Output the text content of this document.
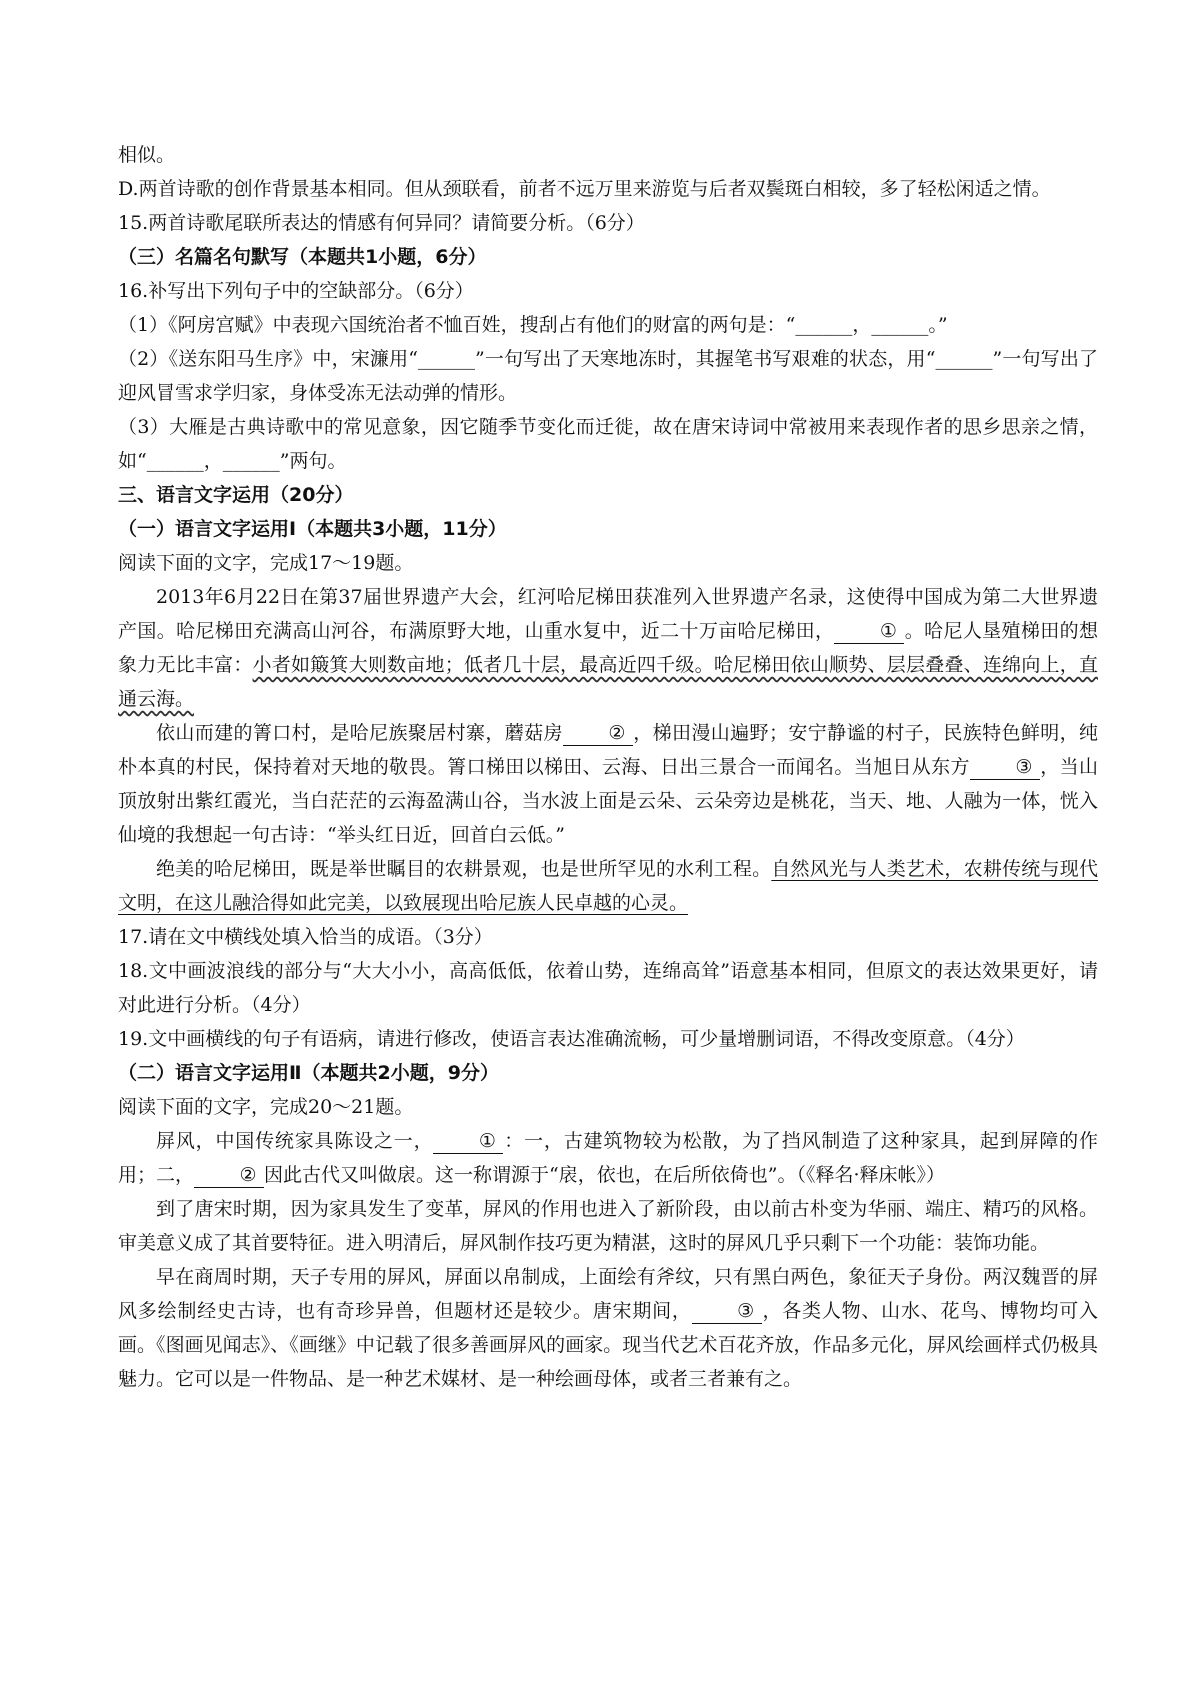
相似。

D.两首诗歌的创作背景基本相同。但从颈联看，前者不远万里来游览与后者双鬓斑白相较，多了轻松闲适之情。

15.两首诗歌尾联所表达的情感有何异同？请简要分析。（6分）

（三）名篇名句默写（本题共1小题，6分）

16.补写出下列句子中的空缺部分。（6分）

（1）《阿房宫赋》中表现六国统治者不恤百姓，搜刮占有他们的财富的两句是：“______，______。”

（2）《送东阳马生序》中，宋濂用“______”一句写出了天寒地冻时，其握笔书写艰难的状态，用“______”一句写出了迎风冒雪求学归家，身体受冻无法动弹的情形。

（3）大雁是古典诗歌中的常见意象，因它随季节变化而迁徙，故在唐宋诗词中常被用来表现作者的思乡思亲之情，如“______，______”两句。

三、语言文字运用（20分）

（一）语言文字运用Ⅰ（本题共3小题，11分）

阅读下面的文字，完成17～19题。

2013年6月22日在第37届世界遗产大会，红河哈尼梯田获准列入世界遗产名录，这使得中国成为第二大世界遗产国。哈尼梯田充满高山河谷，布满原野大地，山重水复中，近二十万亩哈尼梯田， ① 。哈尼人垦殖梯田的想象力无比丰富：小者如簸箕大则数亩地；低者几十层，最高近四千级。哈尼梯田依山顺势、层层叠叠、连绵向上，直通云海。

依山而建的箐口村，是哈尼族聚居村寨，蘑菇房 ② ，梯田漫山遍野；安宁静谧的村子，民族特色鲜明，纯朴本真的村民，保持着对天地的敬畏。箐口梯田以梯田、云海、日出三景合一而闻名。当旭日从东方 ③ ，当山顶放射出紫红霞光，当白茫茫的云海盈满山谷，当水波上面是云朵、云朵旁边是桃花，当天、地、人融为一体，恍入仙境的我想起一句古诗：“举头红日近，回首白云低。”

绝美的哈尼梯田，既是举世瞩目的农耕景观，也是世所罕见的水利工程。自然风光与人类艺术，农耕传统与现代文明，在这儿融洽得如此完美，以致展现出哈尼族人民卓越的心灵。

17.请在文中横线处填入恰当的成语。（3分）

18.文中画波浪线的部分与“大大小小，高高低低，依着山势，连绵高耸”语意基本相同，但原文的表达效果更好，请对此进行分析。（4分）

19.文中画横线的句子有语病，请进行修改，使语言表达准确流畅，可少量增删词语，不得改变原意。（4分）

（二）语言文字运用Ⅱ（本题共2小题，9分）

阅读下面的文字，完成20～21题。

屏风，中国传统家具陈设之一， ① ：一，古建筑物较为松散，为了挡风制造了这种家具，起到屏障的作用；二， ② 因此古代又叫做扆。这一称谓源于“扆，依也，在后所依倚也”。（《释名·释床帐》）

到了唐宋时期，因为家具发生了变革，屏风的作用也进入了新阶段，由以前古朴变为华丽、端庄、精巧的风格。审美意义成了其首要特征。进入明清后，屏风制作技巧更为精湛，这时的屏风几乎只剩下一个功能：装饰功能。

早在商周时期，天子专用的屏风，屏面以帛制成，上面绘有斧纹，只有黑白两色，象征天子身份。两汉魏晋的屏风多绘制经史古诗，也有奇珍异兽，但题材还是较少。唐宋期间， ③ ，各类人物、山水、花鸟、博物均可入画。《图画见闻志》、《画继》中记载了很多善画屏风的画家。现当代艺术百花齐放，作品多元化，屏风绘画样式仍极具魅力。它可以是一件物品、是一种艺术媒材、是一种绘画母体，或者三者兼有之。
